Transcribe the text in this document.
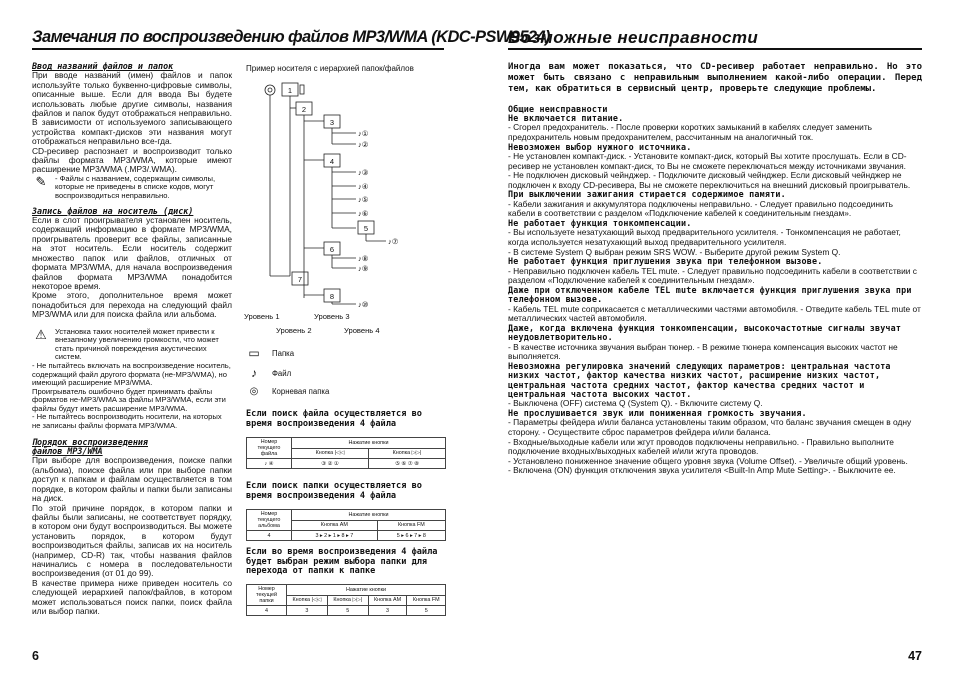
Замечания по воспроизведению файлов MP3/WMA (KDC-PSW9524)
Ввод названий файлов и папок

При вводе названий (имен) файлов и папок используйте только буквенно-цифровые символы, описанные выше. Если для ввода Вы будете использовать любые другие символы, названия файлов и папок будут отображаться неправильно. В зависимости от используемого записывающего устройства компакт-дисков эти названия могут отображаться неправильно все-гда.

CD-ресивер распознает и воспроизводит только файлы формата MP3/WMA, которые имеют расширение MP3/WMA (.MP3/.WMA).

✎	- Файлы с названием, содержащим символы, которые не приведены в списке кодов, могут воспроизводиться неправильно.
Запись файлов на носитель (диск)

Если в слот проигрывателя установлен носитель, содержащий информацию в формате MP3/WMA, проигрыватель проверит все файлы, записанные на этот носитель. Если носитель содержит множество папок или файлов, отличных от формата MP3/WMA, для начала воспроизведения файлов формата MP3/WMA понадобится некоторое время.

Кроме этого, дополнительное время может понадобиться для перехода на следующий файл MP3/WMA или для поиска файла или альбома.

⚠	Установка таких носителей может привести к внезапному увеличению громкости, что может стать причиной повреждения акустических систем.

- Не пытайтесь включать на воспроизведение носитель, содержащий файл другого формата (не-MP3/WMA), но имеющий расширение MP3/WMA.

Проигрыватель ошибочно будет принимать файлы форматов не-MP3/WMA за файлы MP3/WMA, если эти файлы будут иметь расширение MP3/WMA.

- Не пытайтесь воспроизводить носители, на которых не записаны файлы формата MP3/WMA.

Порядок воспроизведения
файлов MP3/WMA

При выборе для воспроизведения, поиске папки (альбома), поиске файла или при выборе папки доступ к папкам и файлам осуществляется в том порядке, в котором файлы и папки были записаны на диск.

По этой причине порядок, в котором папки и файлы были записаны, не соответствует порядку, в котором они будут воспроизводиться. Вы можете установить порядок, в котором будут воспроизводиться файлы, записав их на носитель (например, CD-R) так, чтобы названия файлов начинались с номера в последовательности воспроизведения (от 01 до 99).

В качестве примера ниже приведен носитель со следующей иерархией папок/файлов, в котором может использоваться поиск папки, поиск файла или выбор папки.

Пример носителя с иерархией папок/файлов
1
2
3
4
5
6
7
8
♪①
♪②
♪③
♪④
♪⑤
♪⑥
♪⑦
♪⑧
♪⑨
♪⑩
Уровень 1	Уровень 3
Уровень 2	Уровень 4
▭ Папка
♪	Файл
◎	Корневая папка
Если поиск файла осуществляется во время воспроизведения 4 файла
Номер текущего файла	Нажатие кнопки	
	Кнопка |◁◁	Кнопка ▷▷|
♪ ④	③ ② ①	⑤ ⑥ ⑦ ⑧
Если поиск папки осуществляется во время воспроизведения 4 файла
Номер текущего альбома	Нажатие кнопки	
	Кнопка AM	Кнопка FM
4	3 ▸ 2 ▸ 1 ▸ 8 ▸ 7	5 ▸ 6 ▸ 7 ▸ 8
Если во время воспроизведения 4 файла будет выбран режим выбора папки для перехода от папки к папке
Номер текущей папки	Нажатие кнопки			
	Кнопка |◁◁	Кнопка ▷▷|	Кнопка AM	Кнопка FM
4	3	5	3	5
6
Возможные неисправности

Иногда вам может показаться, что CD-ресивер работает неправильно. Но это может быть связано с неправильным выполнением какой-либо операции. Перед тем, как обратиться в сервисный центр, проверьте следующие проблемы.

Общие неисправности
Не включается питание.
- Сгорел предохранитель. - После проверки коротких замыканий в кабелях следует заменить предохранитель новым предохранителем, рассчитанным на аналогичный ток.
Невозможен выбор нужного источника.
- Не установлен компакт-диск. - Установите компакт-диск, который Вы хотите прослушать. Если в CD-ресивер не установлен компакт-диск, то Вы не сможете переключаться между источниками звучания.
- Не подключен дисковый чейнджер. - Подключите дисковый чейнджер. Если дисковый чейнджер не подключен к входу CD-ресивера, Вы не сможете переключиться на внешний дисковый проигрыватель.
При выключении зажигания стирается содержимое памяти.
- Кабели зажигания и аккумулятора подключены неправильно. - Следует правильно подсоединить кабели в соответствии с разделом «Подключение кабелей к соединительным гнездам».
Не работает функция тонкомпенсации.
- Вы используете незатухающий выход предварительного усилителя. - Тонкомпенсация не работает, когда используется незатухающий выход предварительного усилителя.
- В системе System Q выбран режим SRS WOW. - Выберите другой режим System Q.
Не работает функция приглушения звука при телефонном вызове.
- Неправильно подключен кабель TEL mute. - Следует правильно подсоединить кабели в соответствии с разделом «Подключение кабелей к соединительным гнездам».
Даже при отключенном кабеле TEL mute включается функция приглушения звука при телефонном вызове.
- Кабель TEL mute соприкасается с металлическими частями автомобиля. - Отведите кабель TEL mute от металлических частей автомобиля.
Даже, когда включена функция тонкомпенсации, высокочастотные сигналы звучат неудовлетворительно.
- В качестве источника звучания выбран тюнер. - В режиме тюнера компенсация высоких частот не выполняется.
Невозможна регулировка значений следующих параметров: центральная частота низких частот, фактор качества низких частот, расширение низких частот, центральная частота средних частот, фактор качества средних частот и центральная частота высоких частот.
- Выключена (OFF) система Q (System Q). - Включите систему Q.
Не прослушивается звук или пониженная громкость звучания.
- Параметры фейдера и/или баланса установлены таким образом, что баланс звучания смещен в одну сторону. - Осуществите сброс параметров фейдера и/или баланса.
- Входные/выходные кабели или жгут проводов подключены неправильно. - Правильно выполните подключение входных/выходных кабелей и/или жгута проводов.
- Установлено пониженное значение общего уровня звука (Volume Offset). - Увеличьте общий уровень.
- Включена (ON) функция отключения звука усилителя <Built-In Amp Mute Setting>. - Выключите ее.
47
